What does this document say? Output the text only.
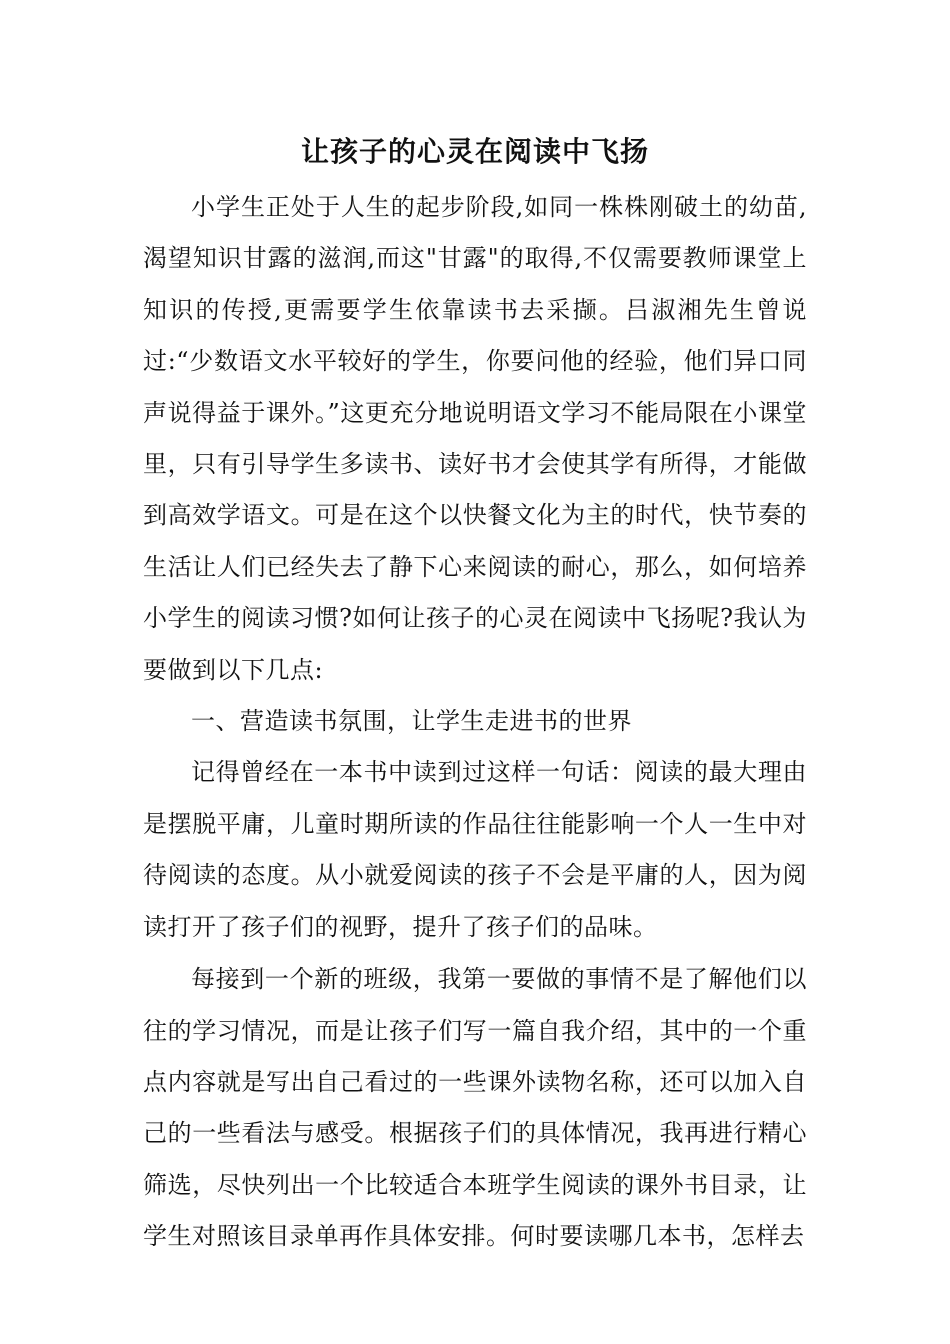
让孩子的心灵在阅读中飞扬

小学生正处于人生的起步阶段,如同一株株刚破土的幼苗,渴望知识甘露的滋润,而这"甘露"的取得,不仅需要教师课堂上知识的传授,更需要学生依靠读书去采撷。吕淑湘先生曾说过:“少数语文水平较好的学生，你要问他的经验，他们异口同声说得益于课外。”这更充分地说明语文学习不能局限在小课堂里，只有引导学生多读书、读好书才会使其学有所得，才能做到高效学语文。可是在这个以快餐文化为主的时代，快节奏的生活让人们已经失去了静下心来阅读的耐心，那么，如何培养小学生的阅读习惯?如何让孩子的心灵在阅读中飞扬呢?我认为要做到以下几点:

一、营造读书氛围，让学生走进书的世界

记得曾经在一本书中读到过这样一句话：阅读的最大理由是摆脱平庸，儿童时期所读的作品往往能影响一个人一生中对待阅读的态度。从小就爱阅读的孩子不会是平庸的人，因为阅读打开了孩子们的视野，提升了孩子们的品味。

每接到一个新的班级，我第一要做的事情不是了解他们以往的学习情况，而是让孩子们写一篇自我介绍，其中的一个重点内容就是写出自己看过的一些课外读物名称，还可以加入自己的一些看法与感受。根据孩子们的具体情况，我再进行精心筛选，尽快列出一个比较适合本班学生阅读的课外书目录，让学生对照该目录单再作具体安排。何时要读哪几本书，怎样去
